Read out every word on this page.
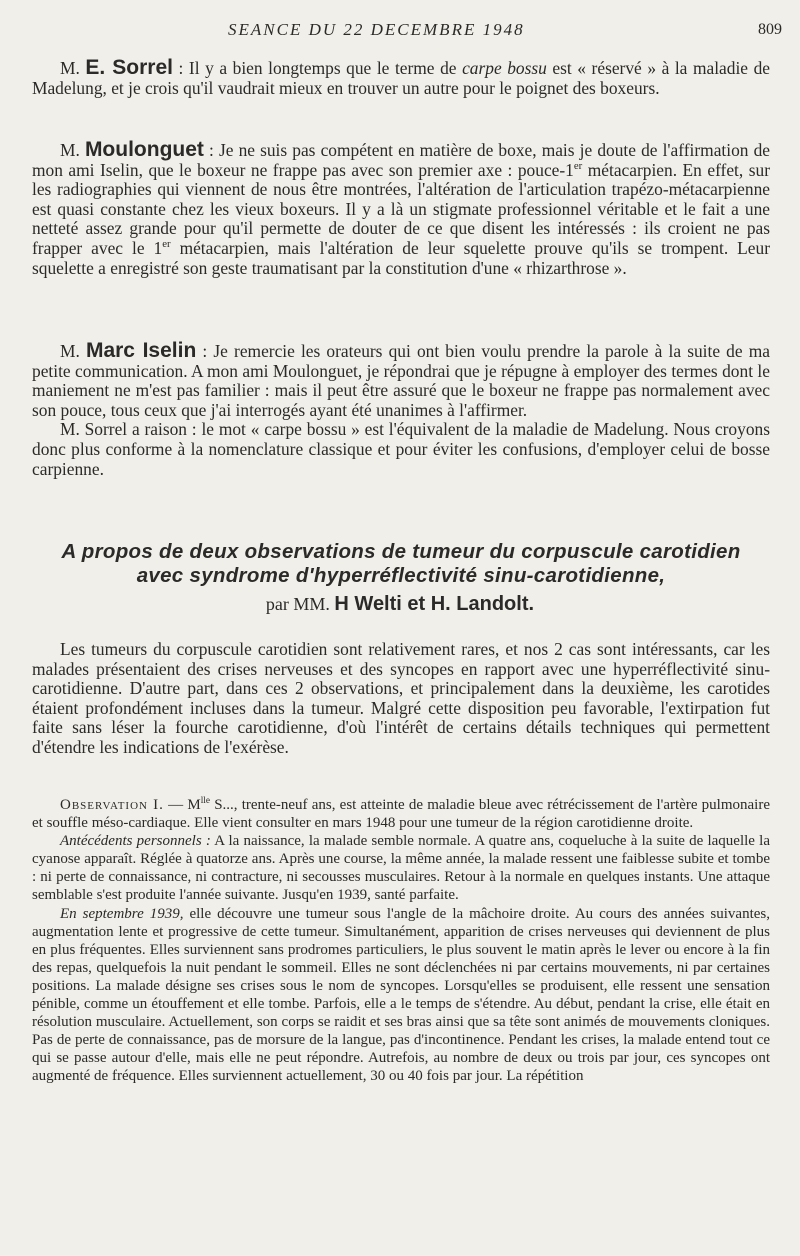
SEANCE DU 22 DECEMBRE 1948	809

M. E. Sorrel : Il y a bien longtemps que le terme de carpe bossu est « réservé » à la maladie de Madelung, et je crois qu'il vaudrait mieux en trouver un autre pour le poignet des boxeurs.

M. Moulonguet : Je ne suis pas compétent en matière de boxe, mais je doute de l'affirmation de mon ami Iselin, que le boxeur ne frappe pas avec son premier axe : pouce-1er métacarpien. En effet, sur les radiographies qui viennent de nous être montrées, l'altération de l'articulation trapézo-métacarpienne est quasi constante chez les vieux boxeurs. Il y a là un stigmate professionnel véritable et le fait a une netteté assez grande pour qu'il permette de douter de ce que disent les intéressés : ils croient ne pas frapper avec le 1er métacarpien, mais l'altération de leur squelette prouve qu'ils se trompent. Leur squelette a enregistré son geste traumatisant par la constitution d'une « rhizarthrose ».

M. Marc Iselin : Je remercie les orateurs qui ont bien voulu prendre la parole à la suite de ma petite communication. A mon ami Moulonguet, je répondrai que je répugne à employer des termes dont le maniement ne m'est pas familier : mais il peut être assuré que le boxeur ne frappe pas normalement avec son pouce, tous ceux que j'ai interrogés ayant été unanimes à l'affirmer.

M. Sorrel a raison : le mot « carpe bossu » est l'équivalent de la maladie de Madelung. Nous croyons donc plus conforme à la nomenclature classique et pour éviter les confusions, d'employer celui de bosse carpienne.

A propos de deux observations de tumeur du corpuscule carotidien
avec syndrome d'hyperréflectivité sinu-carotidienne,
par MM. H Welti et H. Landolt.

Les tumeurs du corpuscule carotidien sont relativement rares, et nos 2 cas sont intéressants, car les malades présentaient des crises nerveuses et des syncopes en rapport avec une hyperréflectivité sinu-carotidienne. D'autre part, dans ces 2 observations, et principalement dans la deuxième, les carotides étaient profondément incluses dans la tumeur. Malgré cette disposition peu favorable, l'extirpation fut faite sans léser la fourche carotidienne, d'où l'intérêt de certains détails techniques qui permettent d'étendre les indications de l'exérèse.

Observation I. — $M^{lle}$ S..., trente-neuf ans, est atteinte de maladie bleue avec rétrécissement de l'artère pulmonaire et souffle méso-cardiaque. Elle vient consulter en mars 1948 pour une tumeur de la région carotidienne droite.

Antécédents personnels : A la naissance, la malade semble normale. A quatre ans, coqueluche à la suite de laquelle la cyanose apparaît. Réglée à quatorze ans. Après une course, la même année, la malade ressent une faiblesse subite et tombe : ni perte de connaissance, ni contracture, ni secousses musculaires. Retour à la normale en quelques instants. Une attaque semblable s'est produite l'année suivante. Jusqu'en 1939, santé parfaite.

En septembre 1939, elle découvre une tumeur sous l'angle de la mâchoire droite. Au cours des années suivantes, augmentation lente et progressive de cette tumeur. Simultanément, apparition de crises nerveuses qui deviennent de plus en plus fréquentes. Elles surviennent sans prodromes particuliers, le plus souvent le matin après le lever ou encore à la fin des repas, quelquefois la nuit pendant le sommeil. Elles ne sont déclenchées ni par certains mouvements, ni par certaines positions. La malade désigne ses crises sous le nom de syncopes. Lorsqu'elles se produisent, elle ressent une sensation pénible, comme un étouffement et elle tombe. Parfois, elle a le temps de s'étendre. Au début, pendant la crise, elle était en résolution musculaire. Actuellement, son corps se raidit et ses bras ainsi que sa tête sont animés de mouvements cloniques. Pas de perte de connaissance, pas de morsure de la langue, pas d'incontinence. Pendant les crises, la malade entend tout ce qui se passe autour d'elle, mais elle ne peut répondre. Autrefois, au nombre de deux ou trois par jour, ces syncopes ont augmenté de fréquence. Elles surviennent actuellement, 30 ou 40 fois par jour. La répétition
